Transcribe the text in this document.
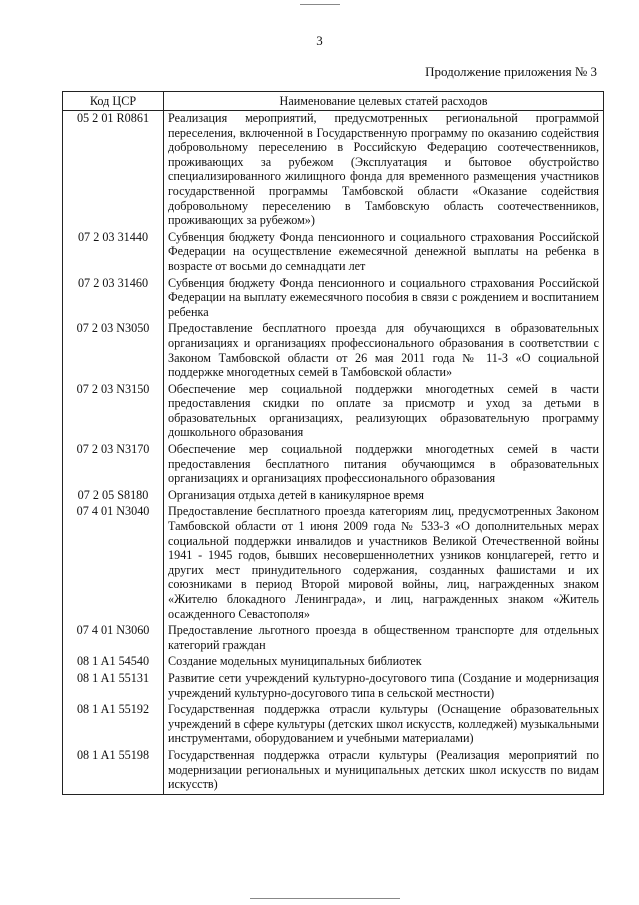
3
Продолжение приложения № 3
Код ЦСР	Наименование целевых статей расходов
05 2 01 R0861	Реализация мероприятий, предусмотренных региональной программой переселения, включенной в Государственную программу по оказанию содействия добровольному переселению в Российскую Федерацию соотечественников, проживающих за рубежом (Эксплуатация и бытовое обустройство специализированного жилищного фонда для временного размещения участников государственной программы Тамбовской области «Оказание содействия добровольному переселению в Тамбовскую область соотечественников, проживающих за рубежом»)
07 2 03 31440	Субвенция бюджету Фонда пенсионного и социального страхования Российской Федерации на осуществление ежемесячной денежной выплаты на ребенка в возрасте от восьми до семнадцати лет
07 2 03 31460	Субвенция бюджету Фонда пенсионного и социального страхования Российской Федерации на выплату ежемесячного пособия в связи с рождением и воспитанием ребенка
07 2 03 N3050	Предоставление бесплатного проезда для обучающихся в образовательных организациях и организациях профессионального образования в соответствии с Законом Тамбовской области от 26 мая 2011 года № 11-З «О социальной поддержке многодетных семей в Тамбовской области»
07 2 03 N3150	Обеспечение мер социальной поддержки многодетных семей в части предоставления скидки по оплате за присмотр и уход за детьми в образовательных организациях, реализующих образовательную программу дошкольного образования
07 2 03 N3170	Обеспечение мер социальной поддержки многодетных семей в части предоставления бесплатного питания обучающимся в образовательных организациях и организациях профессионального образования
07 2 05 S8180	Организация отдыха детей в каникулярное время
07 4 01 N3040	Предоставление бесплатного проезда категориям лиц, предусмотренных Законом Тамбовской области от 1 июня 2009 года № 533-З «О дополнительных мерах социальной поддержки инвалидов и участников Великой Отечественной войны 1941 - 1945 годов, бывших несовершеннолетних узников концлагерей, гетто и других мест принудительного содержания, созданных фашистами и их союзниками в период Второй мировой войны, лиц, награжденных знаком «Жителю блокадного Ленинграда», и лиц, награжденных знаком «Житель осажденного Севастополя»
07 4 01 N3060	Предоставление льготного проезда в общественном транспорте для отдельных категорий граждан
08 1 A1 54540	Создание модельных муниципальных библиотек
08 1 A1 55131	Развитие сети учреждений культурно-досугового типа (Создание и модернизация учреждений культурно-досугового типа в сельской местности)
08 1 A1 55192	Государственная поддержка отрасли культуры (Оснащение образовательных учреждений в сфере культуры (детских школ искусств, колледжей) музыкальными инструментами, оборудованием и учебными материалами)
08 1 A1 55198	Государственная поддержка отрасли культуры (Реализация мероприятий по модернизации региональных и муниципальных детских школ искусств по видам искусств)
